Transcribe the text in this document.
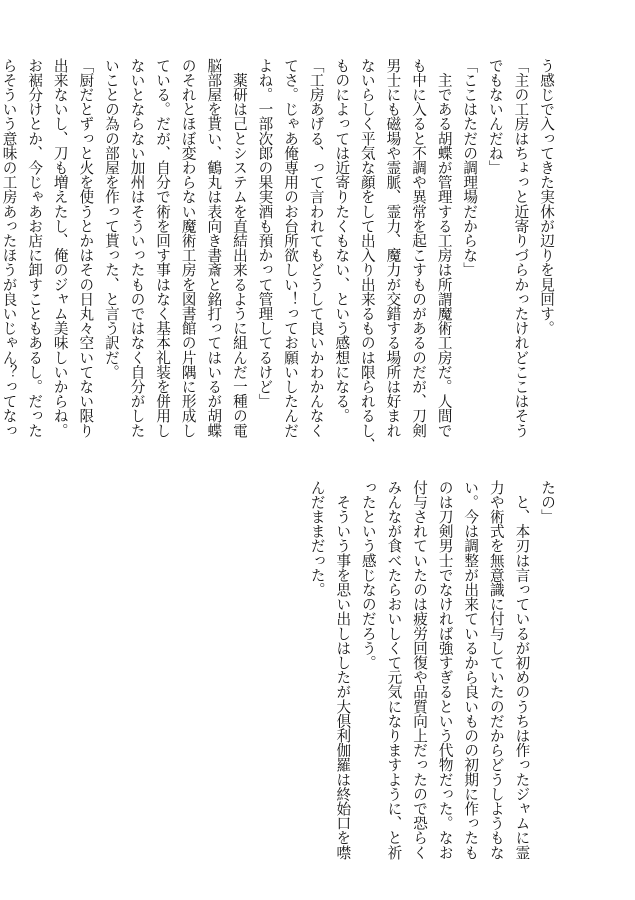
う感じで入ってきた実休が辺りを見回す。

「主の工房はちょっと近寄りづらかったけれどここはそう

でもないんだね」

「ここはただの調理場だからな」

　主である胡蝶が管理する工房は所謂魔術工房だ。人間で

も中に入ると不調や異常を起こすものがあるのだが、刀剣

男士にも磁場や霊脈、霊力、魔力が交錯する場所は好まれ

ないらしく平気な顔をして出入り出来るものは限られるし、

ものによっては近寄りたくもない、という感想になる。

「工房あげる、って言われてもどうして良いかわかんなく

てさ。じゃあ俺専用のお台所欲しい！ってお願いしたんだ

よね。一部次郎の果実酒も預かって管理してるけど」

　薬研は己とシステムを直結出来るように組んだ一種の電

脳部屋を貰い、鶴丸は表向き書斎と銘打ってはいるが胡蝶

のそれとほぼ変わらない魔術工房を図書館の片隅に形成し

ている。だが、自分で術を回す事はなく基本礼装を併用し

ないとならない加州はそういったものではなく自分がした

いことの為の部屋を作って貰った、と言う訳だ。

「厨だとずっと火を使うとかはその日丸々空いてない限り

出来ないし、刀も増えたし、俺のジャム美味しいからね。

お裾分けとか、今じゃあお店に卸すこともあるし。だった

らそういう意味の工房あったほうが良いじゃん？ってなっ

たの」

　と、本刃は言っているが初めのうちは作ったジャムに霊

力や術式を無意識に付与していたのだからどうしようもな

い。今は調整が出来ているから良いものの初期に作ったも

のは刀剣男士でなければ強すぎるという代物だった。なお

付与されていたのは疲労回復や品質向上だったので恐らく

みんなが食べたらおいしくて元気になりますように、と祈

ったという感じなのだろう。

　そういう事を思い出しはしたが大倶利伽羅は終始口を噤

んだままだった。
